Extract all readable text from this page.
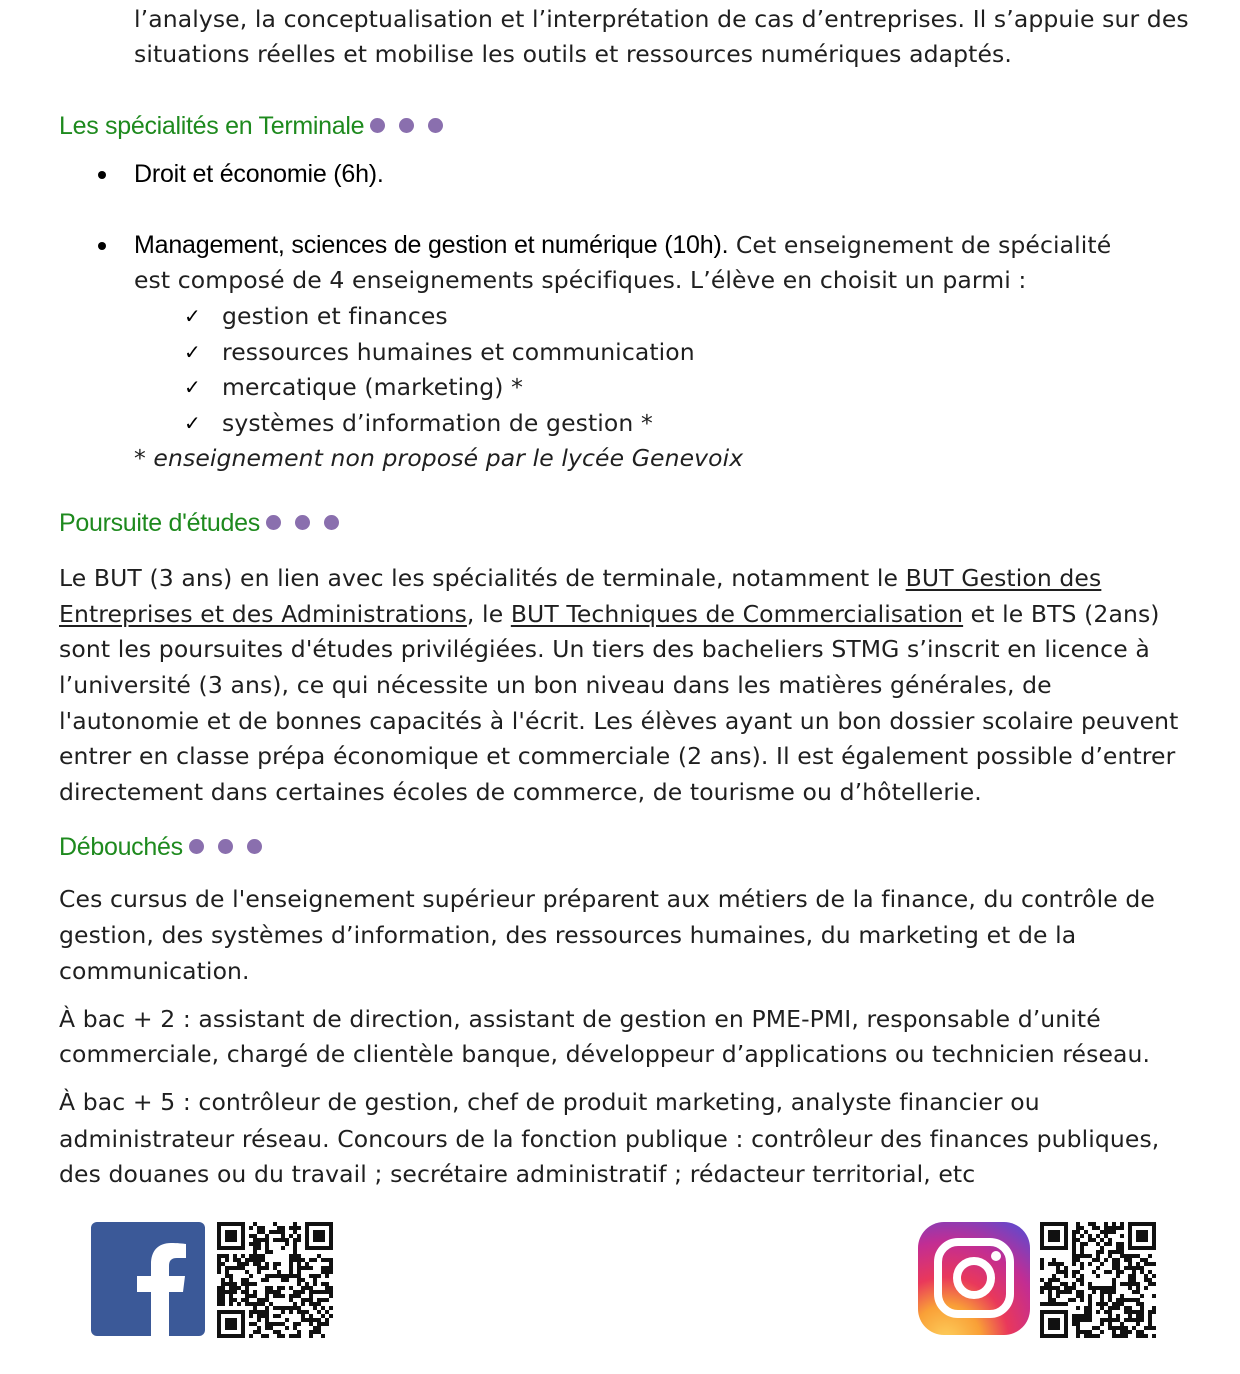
l’analyse, la conceptualisation et l’interprétation de cas d’entreprises. Il s’appuie sur des
situations réelles et mobilise les outils et ressources numériques adaptés.
Les spécialités en Terminale
Droit et économie (6h).
Management, sciences de gestion et numérique (10h). Cet enseignement de spécialité
est composé de 4 enseignements spécifiques. L’élève en choisit un parmi :
✓ gestion et finances
✓ ressources humaines et communication
✓ mercatique (marketing) *
✓ systèmes d’information de gestion *
* enseignement non proposé par le lycée Genevoix
Poursuite d'études
Le BUT (3 ans) en lien avec les spécialités de terminale, notamment le BUT Gestion des
Entreprises et des Administrations, le BUT Techniques de Commercialisation et le BTS (2ans)
sont les poursuites d'études privilégiées. Un tiers des bacheliers STMG s’inscrit en licence à
l’université (3 ans), ce qui nécessite un bon niveau dans les matières générales, de
l'autonomie et de bonnes capacités à l'écrit. Les élèves ayant un bon dossier scolaire peuvent
entrer en classe prépa économique et commerciale (2 ans). Il est également possible d’entrer
directement dans certaines écoles de commerce, de tourisme ou d’hôtellerie.
Débouchés
Ces cursus de l'enseignement supérieur préparent aux métiers de la finance, du contrôle de
gestion, des systèmes d’information, des ressources humaines, du marketing et de la
communication.
À bac + 2 : assistant de direction, assistant de gestion en PME-PMI, responsable d’unité
commerciale, chargé de clientèle banque, développeur d’applications ou technicien réseau.
À bac + 5 : contrôleur de gestion, chef de produit marketing, analyste financier ou
administrateur réseau. Concours de la fonction publique : contrôleur des finances publiques,
des douanes ou du travail ; secrétaire administratif ; rédacteur territorial, etc
